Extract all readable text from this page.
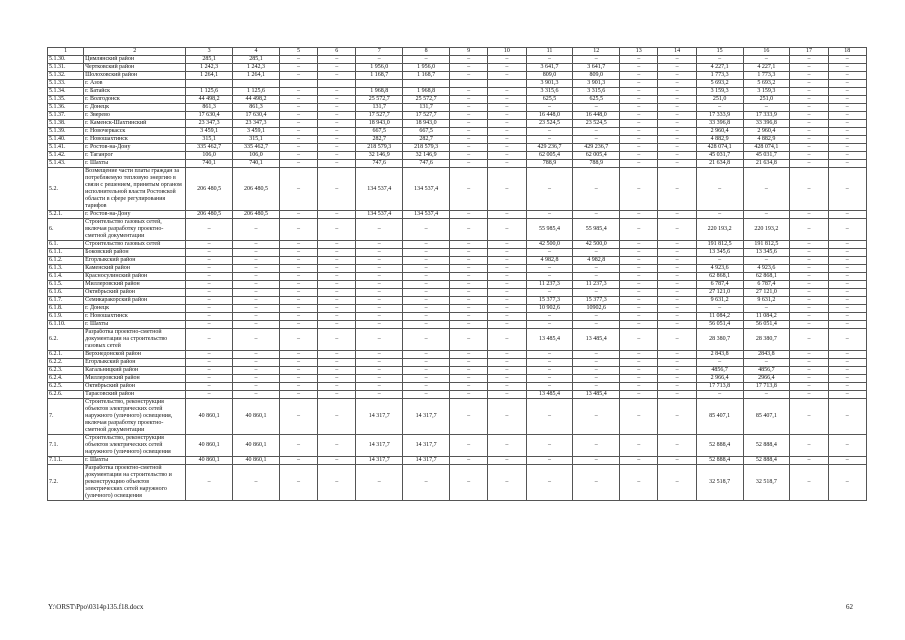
1	2	3	4	5	6	7	8	9	10	11	12	13	14	15	16	17	18
5.1.30.	Цимлянский район	285,1	285,1	–	–	–	–	–	–	–	–	–	–	–	–	–	–
5.1.31.	Чертковский район	1 242,3	1 242,3	–	–	1 956,0	1 956,0	–	–	3 641,7	3 641,7	–	–	4 227,1	4 227,1	–	–
5.1.32.	Шолоховский район	1 264,1	1 264,1	–	–	1 168,7	1 168,7	–	–	809,0	809,0	–	–	1 773,3	1 773,3	–	–
5.1.33.	г. Азов									3 901,3	3 901,3	–	–	5 693,2	5 693,2	–	–
5.1.34.	г. Батайск	1 125,6	1 125,6	–	–	1 968,8	1 968,8	–	–	3 315,6	3 315,6	–	–	3 159,3	3 159,3	–	–
5.1.35.	г. Волгодонск	44 498,2	44 498,2	–	–	25 572,7	25 572,7	–	–	625,5	625,5	–	–	251,0	251,0	–	–
5.1.36.	г. Донецк	861,3	861,3	–	–	131,7	131,7	–	–	–	–	–	–	–	–	–	–
5.1.37.	г. Зверево	17 630,4	17 630,4	–	–	17 527,7	17 527,7	–	–	16 448,0	16 448,0	–	–	17 333,9	17 333,9	–	–
5.1.38.	г. Каменск-Шахтинский	23 347,3	23 347,3	–	–	18 943,0	18 943,0	–	–	23 524,5	23 524,5	–	–	33 396,8	33 396,8	–	–
5.1.39.	г. Новочеркасск	3 459,1	3 459,1	–	–	667,5	667,5	–	–	–	–	–	–	2 960,4	2 960,4	–	–
5.1.40.	г. Новошахтинск	315,1	315,1	–	–	282,7	282,7	–	–	–	–	–	–	4 882,9	4 882,9	–	–
5.1.41.	г. Ростов-на-Дону	335 462,7	335 462,7	–	–	218 579,3	218 579,3	–	–	429 236,7	429 236,7	–	–	428 074,1	428 074,1	–	–
5.1.42.	г. Таганрог	106,0	106,0	–	–	32 146,9	32 146,9	–	–	62 005,4	62 005,4	–	–	45 031,7	45 031,7	–	–
5.1.43.	г. Шахты	740,1	740,1	–	–	747,6	747,6	–	–	788,9	788,9	–	–	21 634,8	21 634,8	–	–
5.2.	Возмещение части платы граждан за потребляемую тепловую энергию в связи с решением, принятым органом исполнительной власти Ростовской области в сфере регулирования тарифов	206 480,5	206 480,5	–	–	134 537,4	134 537,4	–	–	–	–	–	–	–	–	–	–
5.2.1.	г. Ростов-на-Дону	206 480,5	206 480,5	–	–	134 537,4	134 537,4	–	–	–	–	–	–	–	–	–	–
6.	Строительство газовых сетей, включая разработку проектно-сметной документации	–	–	–	–	–	–	–	–	55 985,4	55 985,4	–	–	220 193,2	220 193,2	–	–
6.1.	Строительство газовых сетей	–	–	–	–	–	–	–	–	42 500,0	42 500,0	–	–	191 812,5	191 812,5	–	–
6.1.1.	Боковский район	–	–	–	–	–	–	–	–	–	–	–	–	13 345,6	13 345,6	–	–
6.1.2.	Егорлыкский район	–	–	–	–	–	–	–	–	4 982,8	4 982,8	–	–	–	–	–	–
6.1.3.	Каменский район	–	–	–	–	–	–	–	–	–	–	–	–	4 923,6	4 923,6	–	–
6.1.4.	Красносулинский район	–	–	–	–	–	–	–	–	–	–	–	–	62 868,1	62 868,1	–	–
6.1.5.	Миллеровский район	–	–	–	–	–	–	–	–	11 237,3	11 237,3	–	–	6 787,4	6 787,4	–	–
6.1.6.	Октябрьский район	–	–	–	–	–	–	–	–	–	–	–	–	27 121,0	27 121,0	–	–
6.1.7.	Семикаракорский район	–	–	–	–	–	–	–	–	15 377,3	15 377,3	–	–	9 631,2	9 631,2	–	–
6.1.8.	г. Донецк	–	–	–	–	–	–	–	–	10 902,6	10902,6	–	–	–	–	–	–
6.1.9.	г. Новошахтинск	–	–	–	–	–	–	–	–	–	–	–	–	11 084,2	11 084,2	–	–
6.1.10.	г. Шахты	–	–	–	–	–	–	–	–	–	–	–	–	56 051,4	56 051,4	–	–
6.2.	Разработка проектно-сметной документации на строительство газовых сетей	–	–	–	–	–	–	–	–	13 485,4	13 485,4	–	–	28 380,7	28 380,7	–	–
6.2.1.	Верхнедонской район	–	–	–	–	–	–	–	–	–	–	–	–	2 843,8	2843,8	–	–
6.2.2.	Егорлыкский район	–	–	–	–	–	–	–	–	–	–	–	–	–	–	–	–
6.2.3.	Кагальницкий район	–	–	–	–	–	–	–	–	–	–	–	–	4856,7	4856,7	–	–
6.2.4.	Миллеровский район	–	–	–	–	–	–	–	–	–	–	–	–	2 966,4	2966,4	–	–
6.2.5.	Октябрьский район	–	–	–	–	–	–	–	–	–	–	–	–	17 713,8	17 713,8	–	–
6.2.6.	Тарасовский район	–	–	–	–	–	–	–	–	13 485,4	13 485,4	–	–	–	–	–	–
7.	Строительство, реконструкция объектов электрических сетей наружного (уличного) освещения, включая разработку проектно-сметной документации	40 860,1	40 860,1	–	–	14 317,7	14 317,7	–	–	–	–	–	–	85 407,1	85 407,1	–	–
7.1.	Строительство, реконструкция объектов электрических сетей наружного (уличного) освещения	40 860,1	40 860,1	–	–	14 317,7	14 317,7	–	–	–	–	–	–	52 888,4	52 888,4	–	–
7.1.1.	г. Шахты	40 860,1	40 860,1	–	–	14 317,7	14 317,7	–	–	–	–	–	–	52 888,4	52 888,4	–	–
7.2.	Разработка проектно-сметной документации на строительство и реконструкцию объектов электрических сетей наружного (уличного) освещения	–	–	–	–	–	–	–	–	–	–	–	–	32 518,7	32 518,7	–	–
Y:\ORST\Ppo\0314p135.f18.docx	62
